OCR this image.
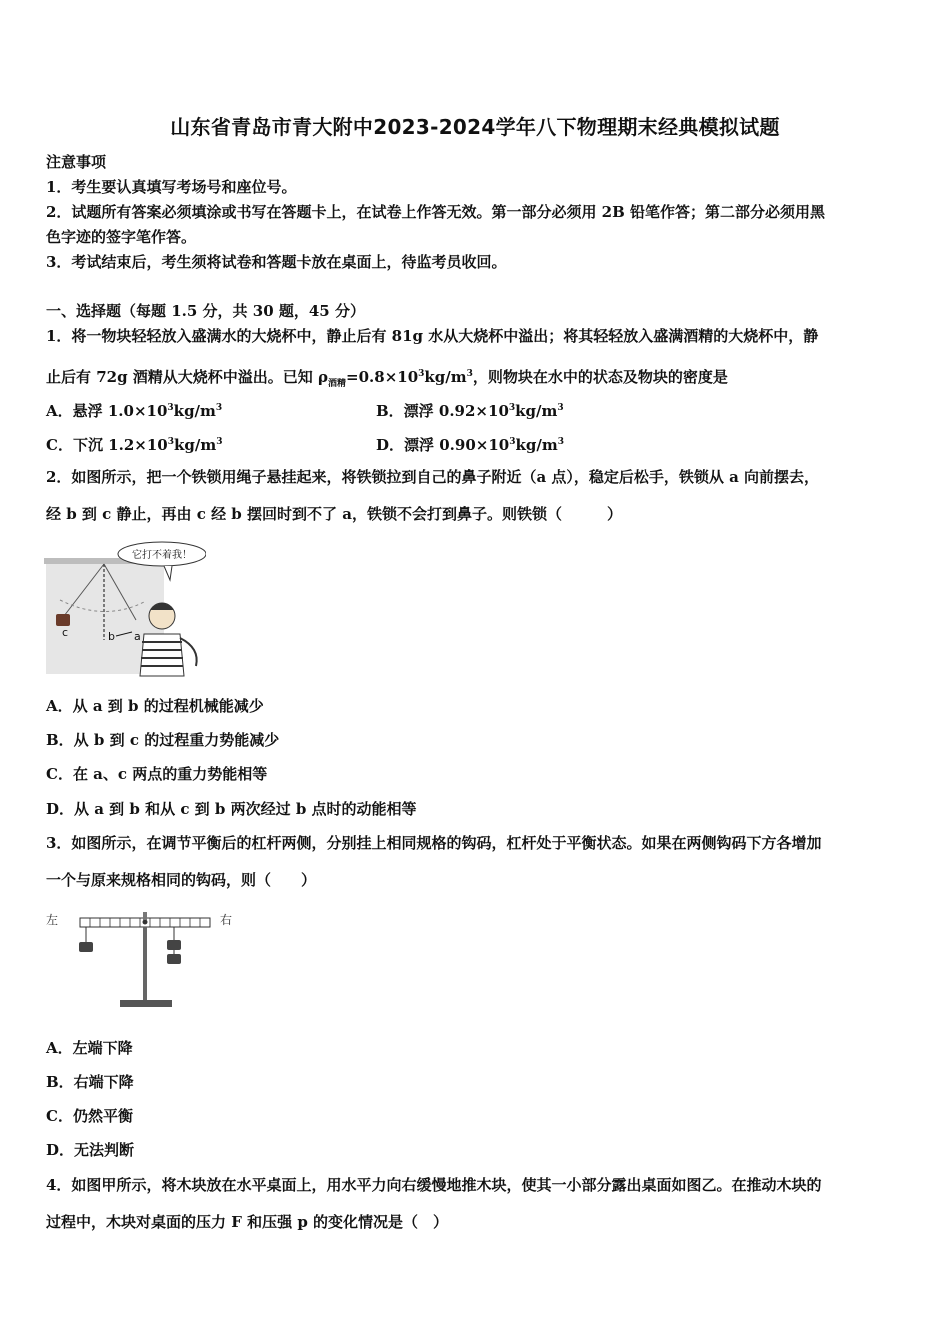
山东省青岛市青大附中2023-2024学年八下物理期末经典模拟试题
注意事项
1．考生要认真填写考场号和座位号。
2．试题所有答案必须填涂或书写在答题卡上，在试卷上作答无效。第一部分必须用 2B 铅笔作答；第二部分必须用黑
色字迹的签字笔作答。
3．考试结束后，考生须将试卷和答题卡放在桌面上，待监考员收回。
一、选择题（每题 1.5 分，共 30 题，45 分）
1．将一物块轻轻放入盛满水的大烧杯中，静止后有 81g 水从大烧杯中溢出；将其轻轻放入盛满酒精的大烧杯中，静
止后有 72g 酒精从大烧杯中溢出。已知 $\rho_{酒精}=0.8\times 10^3kg/m^3$，则物块在水中的状态及物块的密度是
A．悬浮 $1.0\times 10^3kg/m^3$	B．漂浮 $0.92\times 10^3kg/m^3$
C．下沉 $1.2\times 10^3kg/m^3$	D．漂浮 $0.90\times 10^3kg/m^3$
2．如图所示，把一个铁锁用绳子悬挂起来，将铁锁拉到自己的鼻子附近（a 点），稳定后松手，铁锁从 a 向前摆去，
经 b 到 c 静止，再由 c 经 b 摆回时到不了 a，铁锁不会打到鼻子。则铁锁（　　　）
c	b a
它打不着我！
A．从 a 到 b 的过程机械能减少
B．从 b 到 c 的过程重力势能减少
C．在 a、c 两点的重力势能相等
D．从 a 到 b 和从 c 到 b 两次经过 b 点时的动能相等
3．如图所示，在调节平衡后的杠杆两侧，分别挂上相同规格的钩码，杠杆处于平衡状态。如果在两侧钩码下方各增加
一个与原来规格相同的钩码，则（　　）
左	右
A．左端下降
B．右端下降
C．仍然平衡
D．无法判断
4．如图甲所示，将木块放在水平桌面上，用水平力向右缓慢地推木块，使其一小部分露出桌面如图乙。在推动木块的
过程中，木块对桌面的压力 F 和压强 p 的变化情况是（　）
